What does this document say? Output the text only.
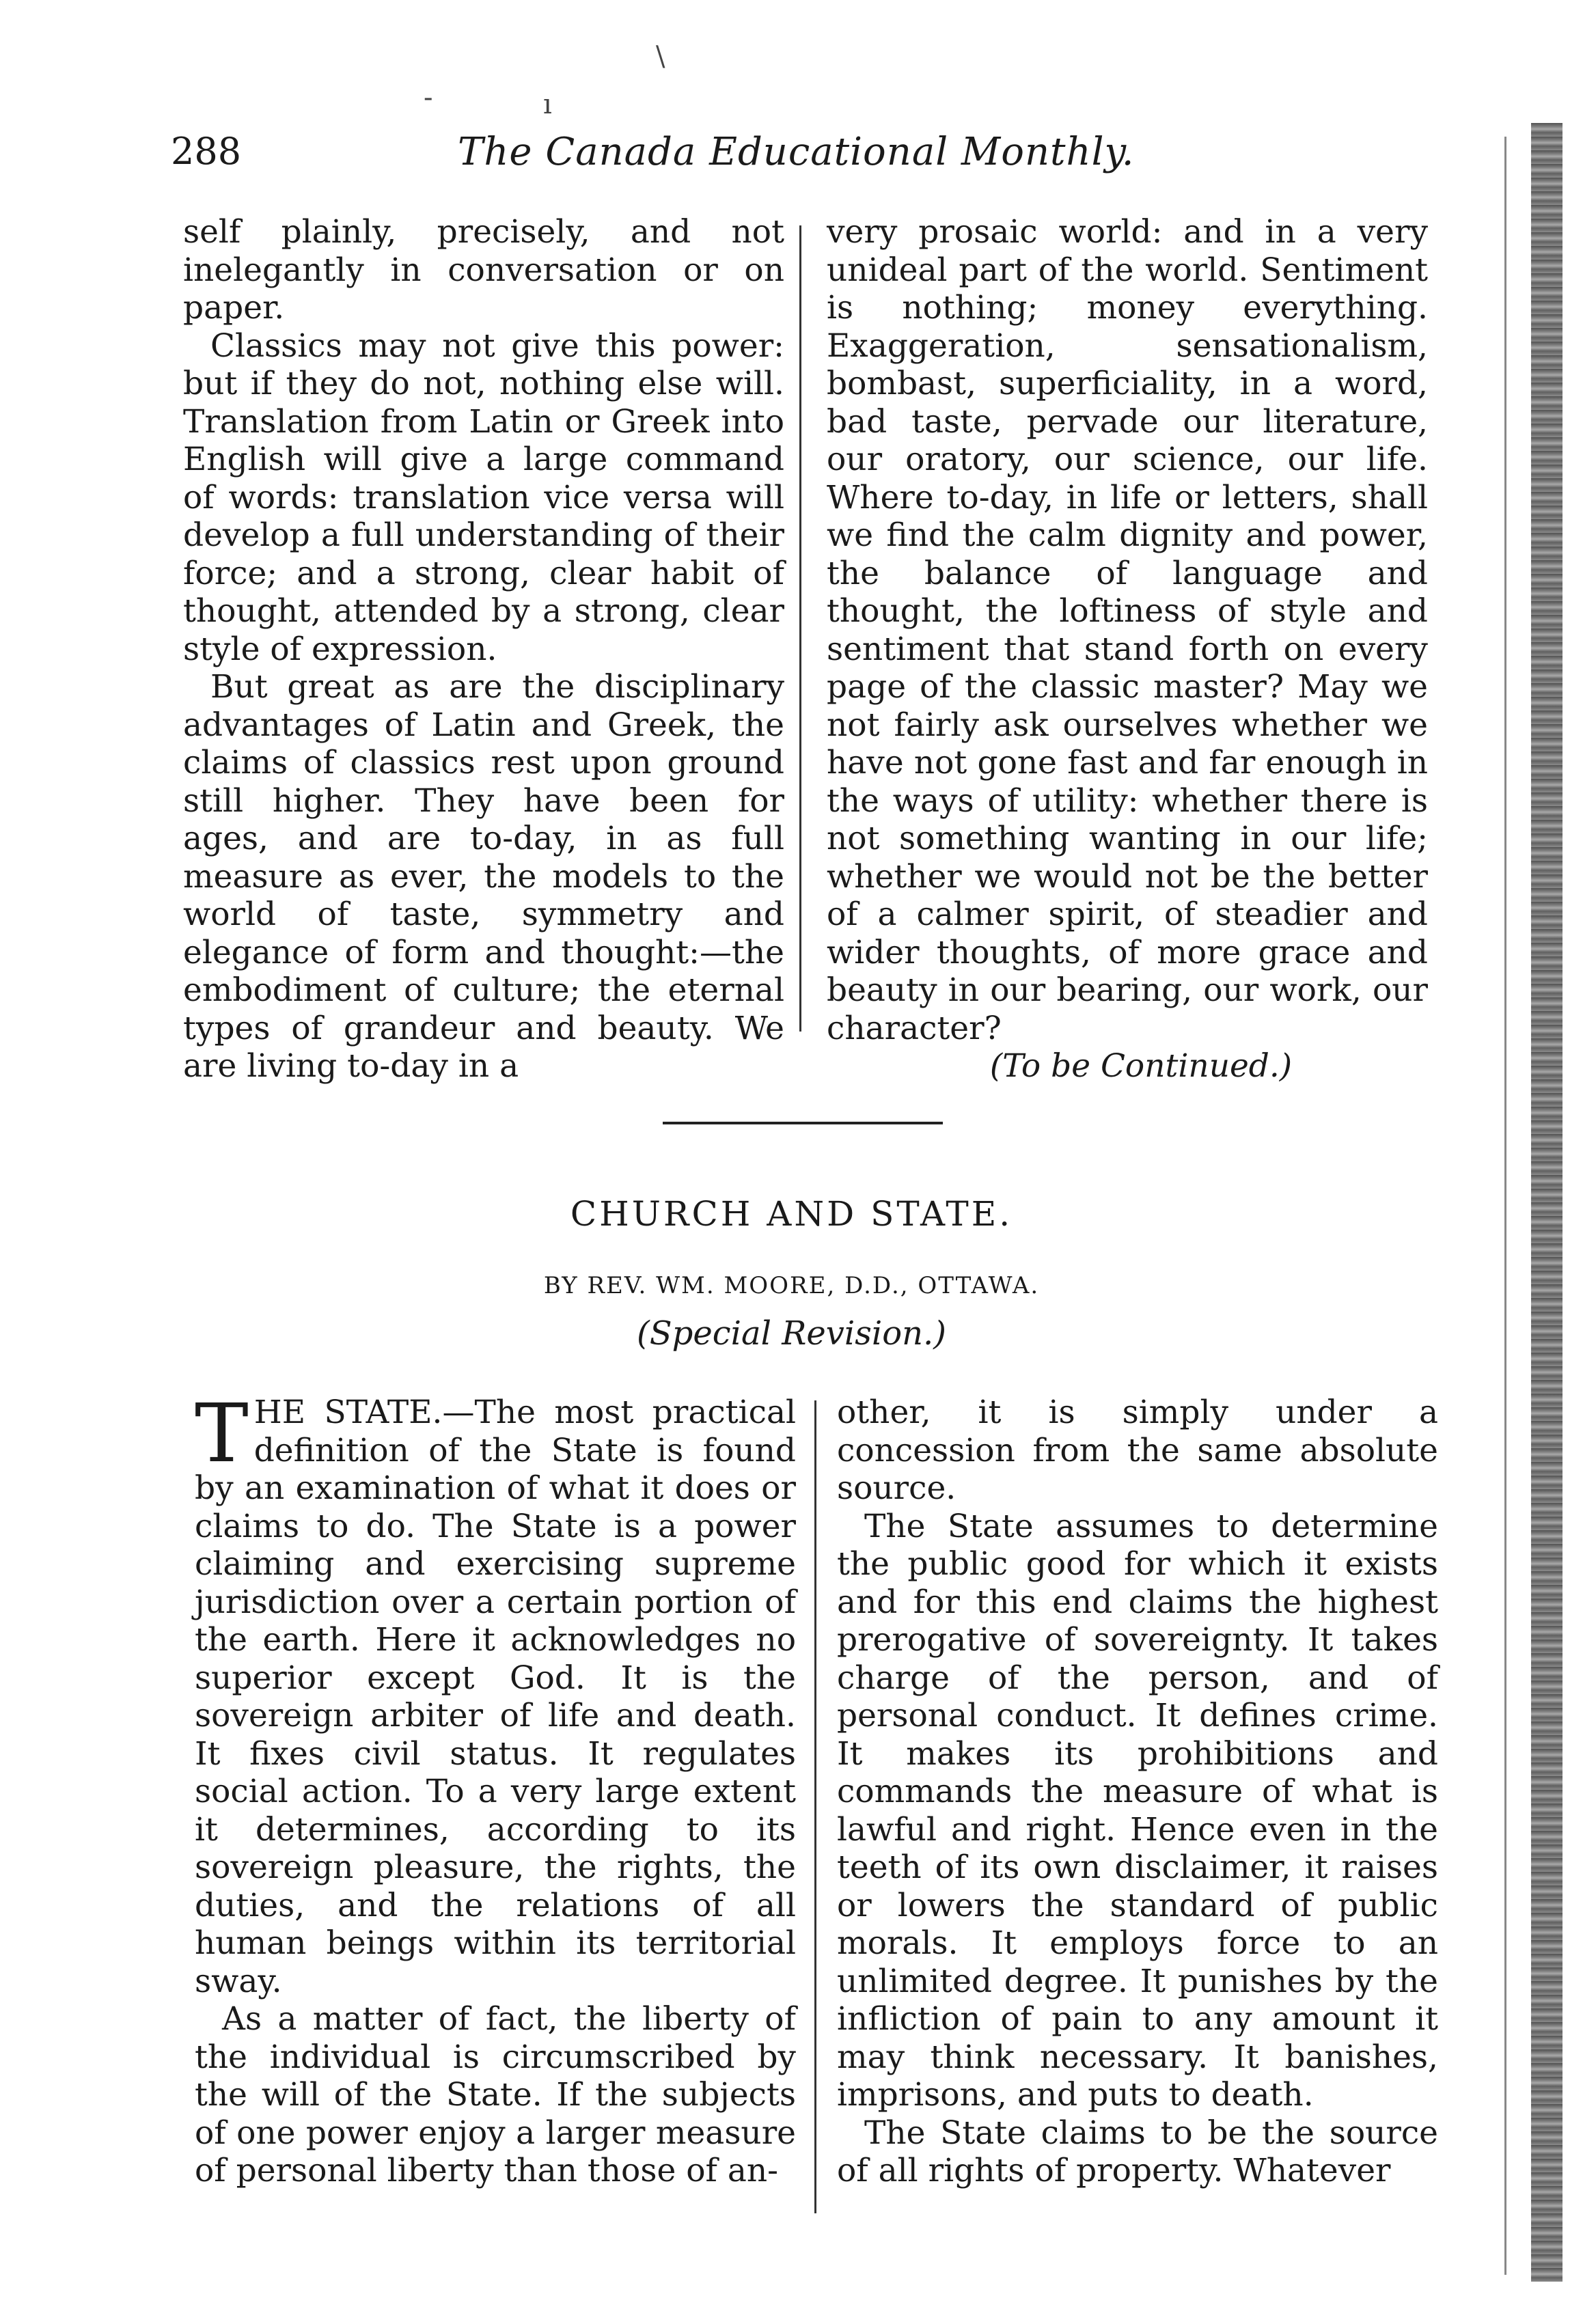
-	ı
\
288	The Canada Educational Monthly.

self plainly, precisely, and not inelegantly in conversation or on paper.

Classics may not give this power: but if they do not, nothing else will. Translation from Latin or Greek into English will give a large command of words: translation vice versa will develop a full understanding of their force; and a strong, clear habit of thought, attended by a strong, clear style of expression.

But great as are the disciplinary advantages of Latin and Greek, the claims of classics rest upon ground still higher. They have been for ages, and are to-day, in as full measure as ever, the models to the world of taste, symmetry and elegance of form and thought:—the embodiment of culture; the eternal types of grandeur and beauty. We are living to-day in a

very prosaic world: and in a very unideal part of the world. Sentiment is nothing; money everything. Exaggeration, sensationalism, bombast, superficiality, in a word, bad taste, pervade our literature, our oratory, our science, our life. Where to-day, in life or letters, shall we find the calm dignity and power, the balance of language and thought, the loftiness of style and sentiment that stand forth on every page of the classic master? May we not fairly ask ourselves whether we have not gone fast and far enough in the ways of utility: whether there is not something wanting in our life; whether we would not be the better of a calmer spirit, of steadier and wider thoughts, of more grace and beauty in our bearing, our work, our character?

(To be Continued.)

CHURCH AND STATE.
BY REV. WM. MOORE, D.D., OTTAWA.
(Special Revision.)

THE STATE.—The most practical definition of the State is found by an examination of what it does or claims to do. The State is a power claiming and exercising supreme jurisdiction over a certain portion of the earth. Here it acknowledges no superior except God. It is the sovereign arbiter of life and death. It fixes civil status. It regulates social action. To a very large extent it determines, according to its sovereign pleasure, the rights, the duties, and the relations of all human beings within its territorial sway.

As a matter of fact, the liberty of the individual is circumscribed by the will of the State. If the subjects of one power enjoy a larger measure of personal liberty than those of an-

other, it is simply under a concession from the same absolute source.

The State assumes to determine the public good for which it exists and for this end claims the highest prerogative of sovereignty. It takes charge of the person, and of personal conduct. It defines crime. It makes its prohibitions and commands the measure of what is lawful and right. Hence even in the teeth of its own disclaimer, it raises or lowers the standard of public morals. It employs force to an unlimited degree. It punishes by the infliction of pain to any amount it may think necessary. It banishes, imprisons, and puts to death.

The State claims to be the source of all rights of property. Whatever
